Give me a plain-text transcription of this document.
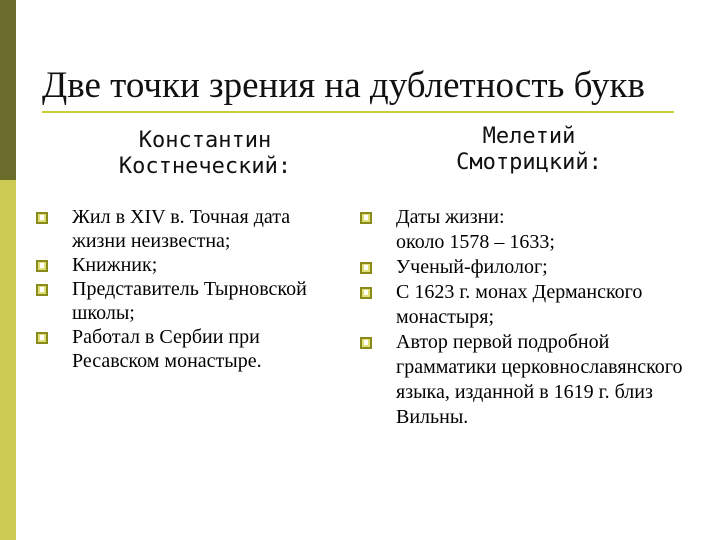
Две точки зрения на дублетность букв
Константин
Костнеческий:
Мелетий
Смотрицкий:
Жил в XIV в. Точная дата жизни неизвестна;
Книжник;
Представитель Тырновской школы;
Работал в Сербии при Ресавском монастыре.
Даты жизни:
около 1578 – 1633;
Ученый-филолог;
С 1623 г. монах Дерманского монастыря;
Автор первой подробной грамматики церковнославянского языка, изданной в 1619 г. близ Вильны.
